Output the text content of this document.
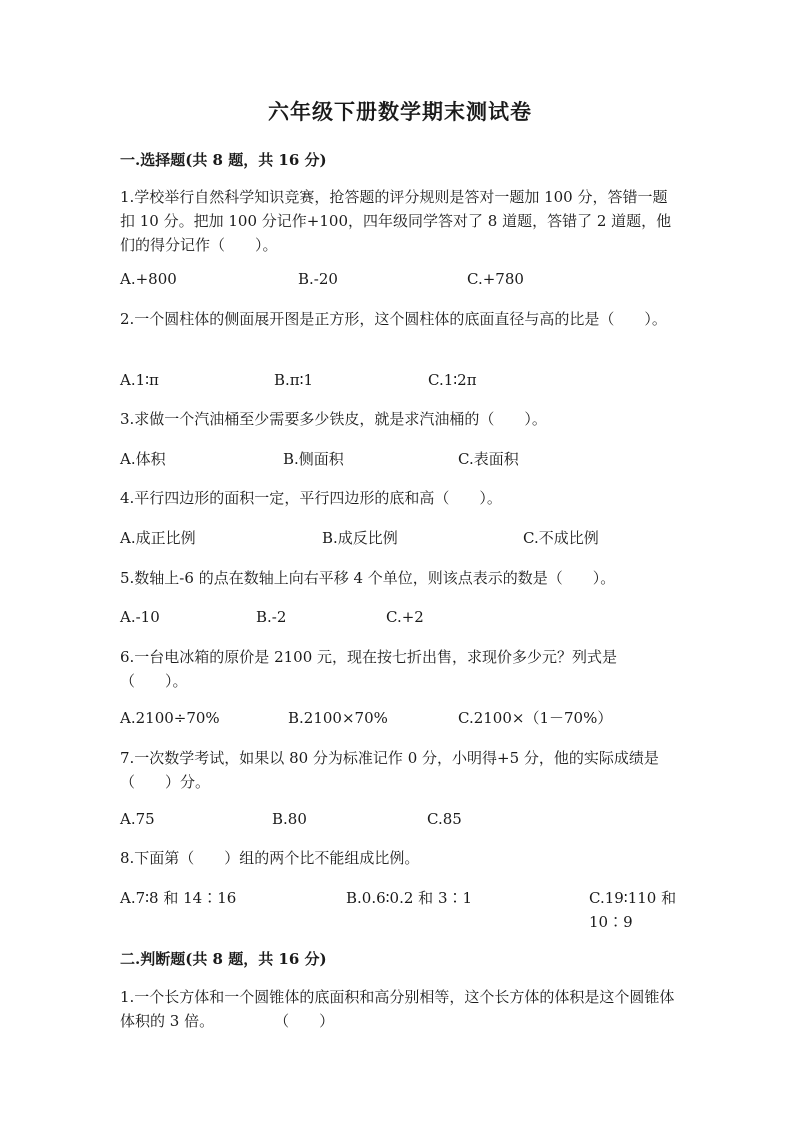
六年级下册数学期末测试卷

一.选择题(共 8 题，共 16 分)

1.学校举行自然科学知识竞赛，抢答题的评分规则是答对一题加 100 分，答错一题扣 10 分。把加 100 分记作+100，四年级同学答对了 8 道题，答错了 2 道题，他们的得分记作（　　）。

A.+800	B.-20	C.+780

2.一个圆柱体的侧面展开图是正方形，这个圆柱体的底面直径与高的比是（　　）。

A.1∶π	B.π∶1	C.1∶2π

3.求做一个汽油桶至少需要多少铁皮，就是求汽油桶的（　　）。

A.体积	B.侧面积	C.表面积

4.平行四边形的面积一定，平行四边形的底和高（　　）。

A.成正比例	B.成反比例	C.不成比例

5.数轴上-6 的点在数轴上向右平移 4 个单位，则该点表示的数是（　　）。

A.-10	B.-2	C.+2

6.一台电冰箱的原价是 2100 元，现在按七折出售，求现价多少元？列式是（　　）。

A.2100÷70%	B.2100×70%	C.2100×（1－70%）

7.一次数学考试，如果以 80 分为标准记作 0 分，小明得+5 分，他的实际成绩是（　　）分。

A.75	B.80	C.85

8.下面第（　　）组的两个比不能组成比例。

A.7∶8 和 14∶16	B.0.6∶0.2 和 3∶1	C.19∶110 和 10∶9

二.判断题(共 8 题，共 16 分)

1.一个长方体和一个圆锥体的底面积和高分别相等，这个长方体的体积是这个圆锥体体积的 3 倍。　　　　　（　　）
